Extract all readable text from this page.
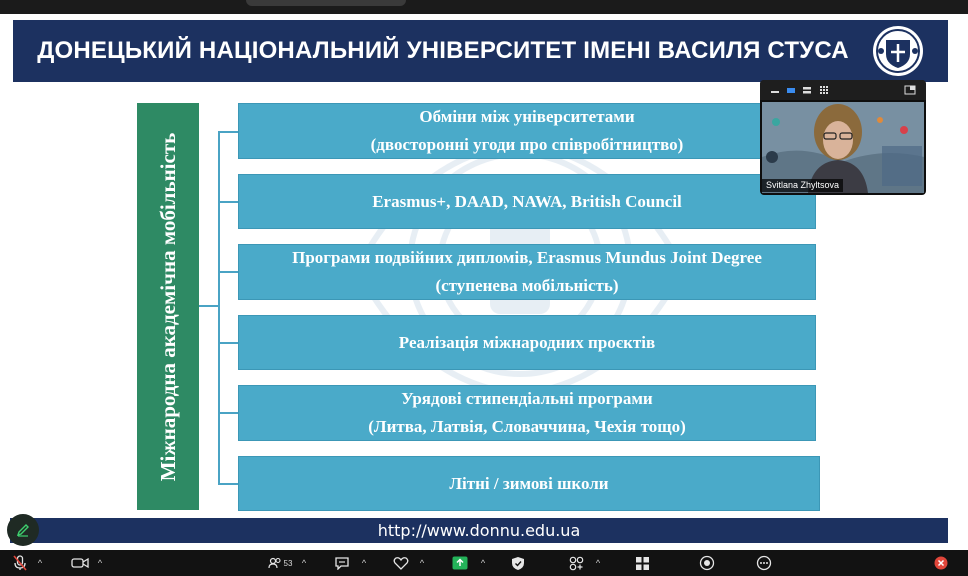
ДОНЕЦЬКИЙ НАЦІОНАЛЬНИЙ УНІВЕРСИТЕТ ІМЕНІ ВАСИЛЯ СТУСА
Міжнародна академічна мобільність
Обміни між університетами
(двосторонні угоди про співробітництво)
Erasmus+, DAAD, NAWA, British Council
Програми подвійних дипломів, Erasmus Mundus Joint Degree
(ступенева мобільність)
Реалізація міжнародних проєктів
Урядові стипендіальні програми
(Литва, Латвія, Словаччина, Чехія тощо)
Літні / зимові школи
http://www.donnu.edu.ua
Svitlana Zhyltsova
^	^	53	^	^	^	^	^
